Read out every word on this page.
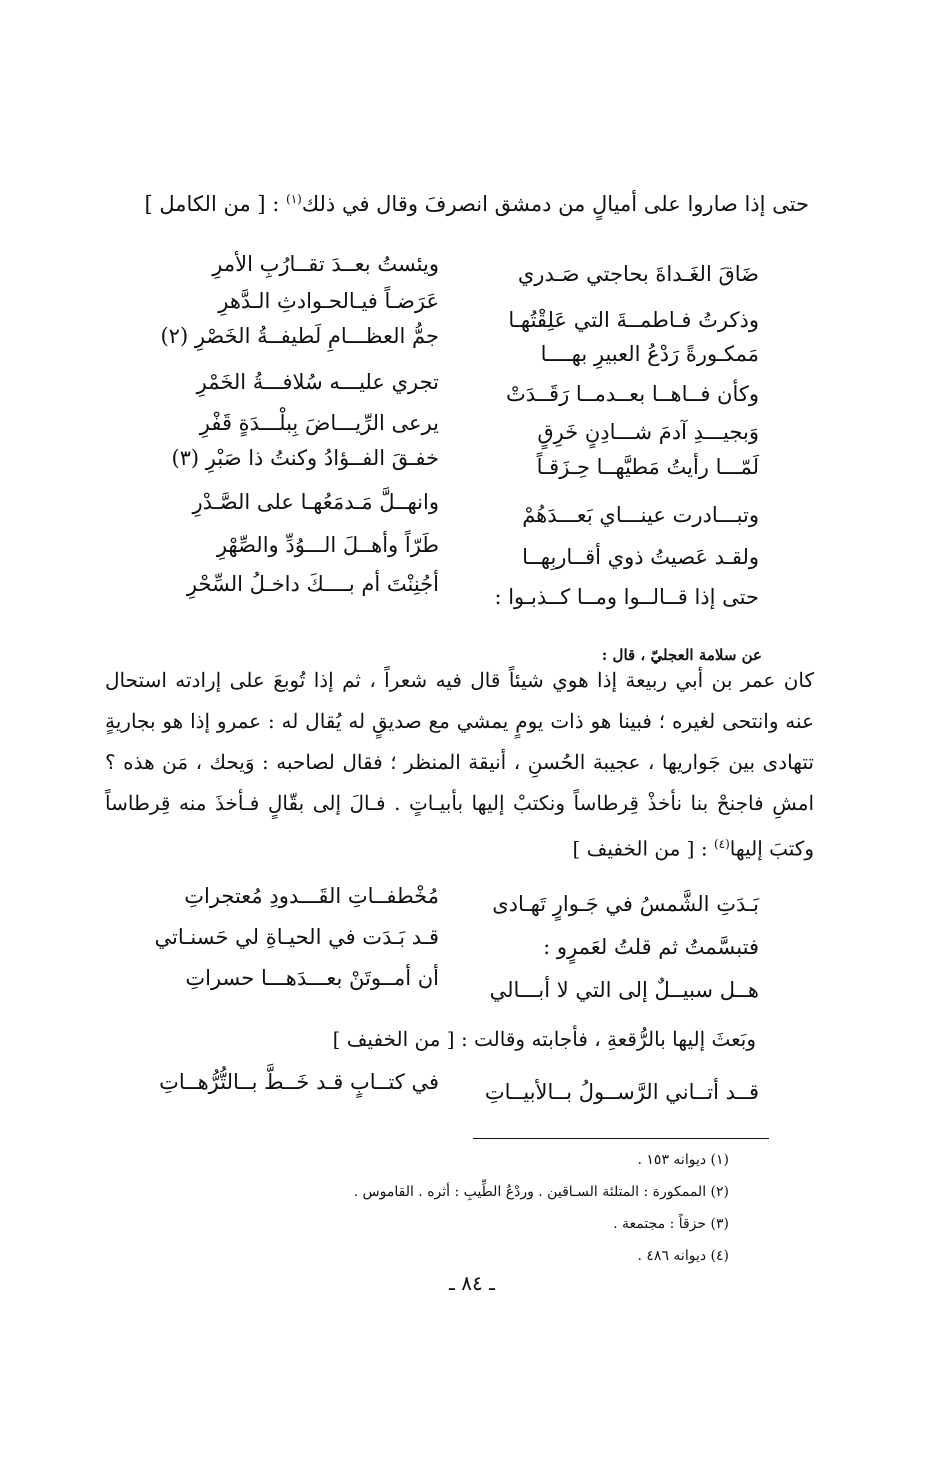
حتى إذا صاروا على أميالٍ من دمشق انصرفَ وقال في ذلك$^{(١)}$ : [ من الكامل ]
ضَاقَ الغَـداةَ بحاجتي صَـدري
ويئستُ بعــدَ تقــارُبِ الأمرِ
وذكرتُ فـاطمــةَ التي عَلِقْتُهـا
عَرَضـاً فيـالحـوادثِ الـدَّهرِ
مَمكـورةً رَدْعُ العبيرِ بهــــا
جمُّ العظـــامِ لَطيفــةُ الخَصْرِ (٢)
وكأن فــاهــا بعــدمــا رَقَــدَتْ
تجري عليـــه سُلافـــةُ الخَمْرِ
وَبجيـــدِ آدمَ شـــادِنٍ خَرِقٍ
يرعى الرِّيـــاضَ بِبلْـــدَةٍ قَفْرِ
لَمّـــا رأيتُ مَطيَّهــا حِـزَقـاً
خفـقَ الفــؤادُ وكنتُ ذا صَبْرِ (٣)
وتبـــادرت عينـــاي بَعـــدَهُمْ
وانهــلَّ مَـدمَعُهـا على الصَّـدْرِ
ولقـد عَصيتُ ذوي أقــاربِهــا
طَرّاً وأهــلَ الـــوُدِّ والصِّهْرِ
حتى إذا قــالــوا ومــا كــذبـوا :
أجُنِنْتَ أم بــــكَ داخـلُ السِّحْرِ
عن سلامة العجليّ ، قال :
كان عمر بن أبي ربيعة إذا هوي شيئاً قال فيه شعراً ، ثم إذا تُوبعَ على إرادته استحال عنه وانتحى لغيره ؛ فبينا هو ذات يومٍ يمشي مع صديقٍ له يُقال له : عمرو إذا هو بجاريةٍ تتهادى بين جَواريها ، عجيبة الحُسنِ ، أنيقة المنظر ؛ فقال لصاحبه : وَيحك ، مَن هذه ؟ امشِ فاجنحْ بنا نأخذْ قِرطاساً ونكتبْ إليها بأبيـاتٍ . فـالَ إلى بقّالٍ فـأخذَ منه قِرطاساً وكتبَ إليها$^{(٤)}$ : [ من الخفيف ]
بَـدَتِ الشَّمسُ في جَـوارٍ تَهـادى
مُخْطفــاتِ القَـــدودِ مُعتجراتِ
فتبسَّمتُ ثم قلتُ لعَمرٍو :
قـد بَـدَت في الحيـاةِ لي حَسنـاتي
هــل سبيــلٌ إلى التي لا أبـــالي
أن أمــوتَنْ بعـــدَهـــا حسراتِ
وبَعثَ إليها بالرُّقعةِ ، فأجابته وقالت : [ من الخفيف ]
قــد أتــاني الرَّســولُ بــالأبيــاتِ
في كتــابٍ قـد خَــطَّ بــالتُّرُّهــاتِ
(١) ديوانه ١٥٣ .
(٢) الممكورة : المتلئة السـاقين . وردْعُ الطِّيبِ : أثره . القاموس .
(٣) حزقاً : مجتمعة .
(٤) ديوانه ٤٨٦ .
ـ ٨٤ ـ
